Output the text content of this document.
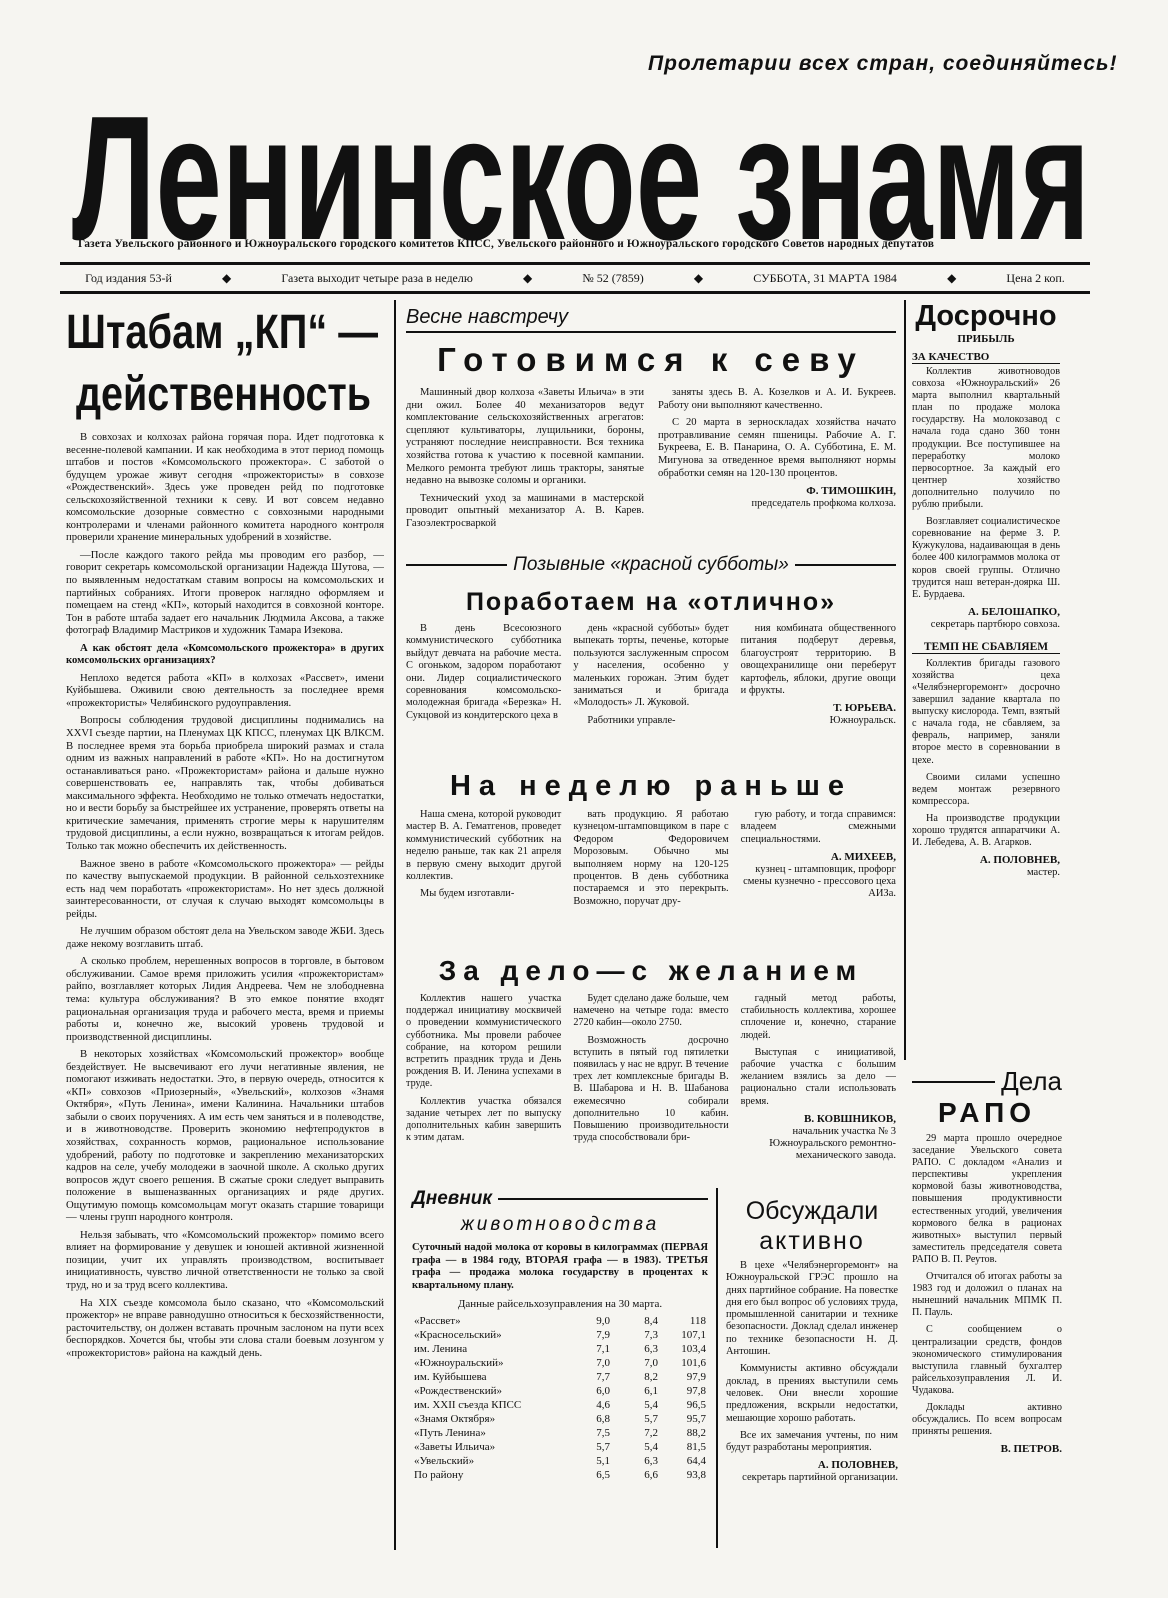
Пролетарии всех стран, соединяйтесь!
Ленинское знамя
Газета Увельского районного и Южноуральского городского комитетов КПСС, Увельского районного и Южноуральского городского Советов народных депутатов
Год издания 53-й	◆	Газета выходит четыре раза в неделю	◆	№ 52 (7859)	◆	СУББОТА, 31 МАРТА 1984	◆	Цена 2 коп.
Штабам „КП“ —
действенность

В совхозах и колхозах района горячая пора. Идет подготовка к весенне-полевой кампании. И как необходима в этот период помощь штабов и постов «Комсомольского прожектора». С заботой о будущем урожае живут сегодня «прожектористы» в совхозе «Рождественский». Здесь уже проведен рейд по подготовке сельскохозяйственной техники к севу. И вот совсем недавно комсомольские дозорные совместно с совхозными народными контролерами и членами районного комитета народного контроля проверили хранение минеральных удобрений в хозяйстве.

—После каждого такого рейда мы проводим его разбор, — говорит секретарь комсомольской организации Надежда Шутова, —по выявленным недостаткам ставим вопросы на комсомольских и партийных собраниях. Итоги проверок наглядно оформляем и помещаем на стенд «КП», который находится в совхозной конторе. Тон в работе штаба задает его начальник Людмила Аксова, а также фотограф Владимир Мастриков и художник Тамара Изекова.

А как обстоят дела «Комсомольского прожектора» в других комсомольских организациях?

Неплохо ведется работа «КП» в колхозах «Рассвет», имени Куйбышева. Оживили свою деятельность за последнее время «прожектористы» Челябинского рудоуправления.

Вопросы соблюдения трудовой дисциплины поднимались на XXVI съезде партии, на Пленумах ЦК КПСС, пленумах ЦК ВЛКСМ. В последнее время эта борьба приобрела широкий размах и стала одним из важных направлений в работе «КП». Но на достигнутом останавливаться рано. «Прожектористам» района и дальше нужно совершенствовать ее, направлять так, чтобы добиваться максимального эффекта. Необходимо не только отмечать недостатки, но и вести борьбу за быстрейшее их устранение, проверять ответы на критические замечания, применять строгие меры к нарушителям трудовой дисциплины, а если нужно, возвращаться к итогам рейдов. Только так можно обеспечить их действенность.

Важное звено в работе «Комсомольского прожектора» — рейды по качеству выпускаемой продукции. В районной сельхозтехнике есть над чем поработать «прожектористам». Но нет здесь должной заинтересованности, от случая к случаю выходят комсомольцы в рейды.

Не лучшим образом обстоят дела на Увельском заводе ЖБИ. Здесь даже некому возглавить штаб.

А сколько проблем, нерешенных вопросов в торговле, в бытовом обслуживании. Самое время приложить усилия «прожектористам» райпо, возглавляет которых Лидия Андреева. Чем не злободневна тема: культура обслуживания? В это емкое понятие входят рациональная организация труда и рабочего места, время и приемы работы и, конечно же, высокий уровень трудовой и производственной дисциплины.

В некоторых хозяйствах «Комсомольский прожектор» вообще бездействует. Не высвечивают его лучи негативные явления, не помогают изживать недостатки. Это, в первую очередь, относится к «КП» совхозов «Приозерный», «Увельский», колхозов «Знамя Октября», «Путь Ленина», имени Калинина. Начальники штабов забыли о своих поручениях. А им есть чем заняться и в полеводстве, и в животноводстве. Проверить экономию нефтепродуктов в хозяйствах, сохранность кормов, рациональное использование удобрений, работу по подготовке и закреплению механизаторских кадров на селе, учебу молодежи в заочной школе. А сколько других вопросов ждут своего решения. В сжатые сроки следует выправить положение в вышеназванных организациях и ряде других. Ощутимую помощь комсомольцам могут оказать старшие товарищи — члены групп народного контроля.

Нельзя забывать, что «Комсомольский прожектор» помимо всего влияет на формирование у девушек и юношей активной жизненной позиции, учит их управлять производством, воспитывает инициативность, чувство личной ответственности не только за свой труд, но и за труд всего коллектива.

На XIX съезде комсомола было сказано, что «Комсомольский прожектор» не вправе равнодушно относиться к бесхозяйственности, расточительству, он должен вставать прочным заслоном на пути всех беспорядков. Хочется бы, чтобы эти слова стали боевым лозунгом у «прожектористов» района на каждый день.

Весне навстречу
Готовимся к севу

Машинный двор колхоза «Заветы Ильича» в эти дни ожил. Более 40 механизаторов ведут комплектование сельскохозяйственных агрегатов: сцепляют культиваторы, лущильники, бороны, устраняют последние неисправности. Вся техника хозяйства готова к участию к посевной кампании. Мелкого ремонта требуют лишь тракторы, занятые недавно на вывозке соломы и органики.

Технический уход за машинами в мастерской проводит опытный механизатор А. В. Карев. Газоэлектросваркой

заняты здесь В. А. Козелков и А. И. Букреев. Работу они выполняют качественно.

С 20 марта в зерноскладах хозяйства начато протравливание семян пшеницы. Рабочие А. Г. Букреева, Е. В. Панарина, О. А. Субботина, Е. М. Мигунова за отведенное время выполняют нормы обработки семян на 120-130 процентов.

Ф. ТИМОШКИН,
председатель профкома колхоза.
Позывные «красной субботы»
Поработаем на «отлично»

В день Всесоюзного коммунистического субботника выйдут девчата на рабочие места. С огоньком, задором поработают они. Лидер социалистического соревнования комсомольско-молодежная бригада «Березка» Н. Сукцовой из кондитерского цеха в

день «красной субботы» будет выпекать торты, печенье, которые пользуются заслуженным спросом у населения, особенно у маленьких горожан. Этим будет заниматься и бригада «Молодость» Л. Жуковой.

Работники управле-

ния комбината общественного питания подберут деревья, благоустроят территорию. В овощехранилище они переберут картофель, яблоки, другие овощи и фрукты.

Т. ЮРЬЕВА.
Южноуральск.
На неделю раньше

Наша смена, которой руководит мастер В. А. Гематгенов, проведет коммунистический субботник на неделю раньше, так как 21 апреля в первую смену выходит другой коллектив.

Мы будем изготавли-

вать продукцию. Я работаю кузнецом-штамповщиком в паре с Федором Федоровичем Морозовым. Обычно мы выполняем норму на 120-125 процентов. В день субботника постараемся и это перекрыть. Возможно, поручат дру-

гую работу, и тогда справимся: владеем смежными специальностями.

А. МИХЕЕВ,
кузнец - штамповщик, профорг смены кузнечно - прессового цеха АИЗа.
За дело—с желанием

Коллектив нашего участка поддержал инициативу москвичей о проведении коммунистического субботника. Мы провели рабочее собрание, на котором решили встретить праздник труда и День рождения В. И. Ленина успехами в труде.

Коллектив участка обязался задание четырех лет по выпуску дополнительных кабин завершить к этим датам.

Будет сделано даже больше, чем намечено на четыре года: вместо 2720 кабин—около 2750.

Возможность досрочно вступить в пятый год пятилетки появилась у нас не вдруг. В течение трех лет комплексные бригады В. В. Шабарова и Н. В. Шабанова ежемесячно собирали дополнительно 10 кабин. Повышению производительности труда способствовали бри-

гадный метод работы, стабильность коллектива, хорошее сплочение и, конечно, старание людей.

Выступая с инициативой, рабочие участка с большим желанием взялись за дело — рационально стали использовать время.

В. КОВШНИКОВ,
начальник участка № 3 Южноуральского ремонтно-механического завода.
Дневник
животноводства
Суточный надой молока от коровы в килограммах (ПЕРВАЯ графа — в 1984 году, ВТОРАЯ графа — в 1983). ТРЕТЬЯ графа — продажа молока государству в процентах к квартальному плану.
Данные райсельхозуправления на 30 марта.
«Рассвет»	9,0	8,4	118
«Красносельский»	7,9	7,3	107,1
им. Ленина	7,1	6,3	103,4
«Южноуральский»	7,0	7,0	101,6
им. Куйбышева	7,7	8,2	97,9
«Рождественский»	6,0	6,1	97,8
им. XXII съезда КПСС	4,6	5,4	96,5
«Знамя Октября»	6,8	5,7	95,7
«Путь Ленина»	7,5	7,2	88,2
«Заветы Ильича»	5,7	5,4	81,5
«Увельский»	5,1	6,3	64,4
По району	6,5	6,6	93,8
Обсуждали
активно

В цехе «Челябэнергоремонт» на Южноуральской ГРЭС прошло на днях партийное собрание. На повестке дня его был вопрос об условиях труда, промышленной санитарии и технике безопасности. Доклад сделал инженер по технике безопасности Н. Д. Антошин.

Коммунисты активно обсуждали доклад, в прениях выступили семь человек. Они внесли хорошие предложения, вскрыли недостатки, мешающие хорошо работать.

Все их замечания учтены, по ним будут разработаны мероприятия.

А. ПОЛОВНЕВ,
секретарь партийной организации.
Досрочно
ПРИБЫЛЬ
ЗА КАЧЕСТВО

Коллектив животноводов совхоза «Южноуральский» 26 марта выполнил квартальный план по продаже молока государству. На молокозавод с начала года сдано 360 тонн продукции. Все поступившее на переработку молоко первосортное. За каждый его центнер хозяйство дополнительно получило по рублю прибыли.

Возглавляет социалистическое соревнование на ферме З. Р. Кужукулова, надаивающая в день более 400 килограммов молока от коров своей группы. Отлично трудится наш ветеран-доярка Ш. Е. Бурдаева.

А. БЕЛОШАПКО,
секретарь партбюро совхоза.
ТЕМП НЕ СБАВЛЯЕМ

Коллектив бригады газового хозяйства цеха «Челябэнергоремонт» досрочно завершил задание квартала по выпуску кислорода. Темп, взятый с начала года, не сбавляем, за февраль, например, заняли второе место в соревновании в цехе.

Своими силами успешно ведем монтаж резервного компрессора.

На производстве продукции хорошо трудятся аппаратчики А. И. Лебедева, А. В. Агарков.

А. ПОЛОВНЕВ,
мастер.
Дела
РАПО

29 марта прошло очередное заседание Увельского совета РАПО. С докладом «Анализ и перспективы укрепления кормовой базы животноводства, повышения продуктивности естественных угодий, увеличения кормового белка в рационах животных» выступил первый заместитель председателя совета РАПО В. П. Реутов.

Отчитался об итогах работы за 1983 год и доложил о планах на нынешний начальник МПМК П. П. Пауль.

С сообщением о централизации средств, фондов экономического стимулирования выступила главный бухгалтер райсельхозуправления Л. И. Чудакова.

Доклады активно обсуждались. По всем вопросам приняты решения.

В. ПЕТРОВ.
